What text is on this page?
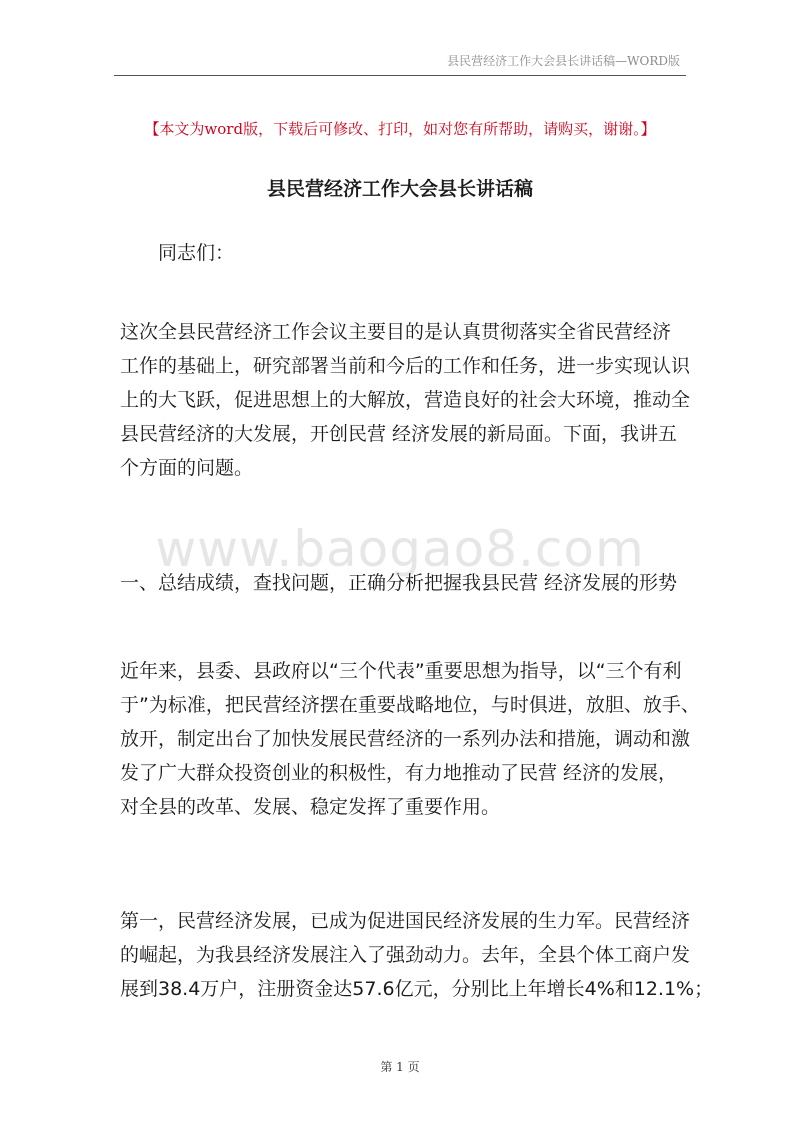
县民营经济工作大会县长讲话稿—WORD版
【本文为word版，下载后可修改、打印，如对您有所帮助，请购买，谢谢。】
县民营经济工作大会县长讲话稿

同志们：

这次全县民营经济工作会议主要目的是认真贯彻落实全省民营经济
工作的基础上，研究部署当前和今后的工作和任务，进一步实现认识
上的大飞跃，促进思想上的大解放，营造良好的社会大环境，推动全
县民营经济的大发展，开创民营 经济发展的新局面。下面，我讲五
个方面的问题。

www.baogao8.com

一、总结成绩，查找问题，正确分析把握我县民营 经济发展的形势

近年来，县委、县政府以“三个代表”重要思想为指导，以“三个有利
于”为标准，把民营经济摆在重要战略地位，与时俱进，放胆、放手、
放开，制定出台了加快发展民营经济的一系列办法和措施，调动和激
发了广大群众投资创业的积极性，有力地推动了民营 经济的发展，
对全县的改革、发展、稳定发挥了重要作用。

第一，民营经济发展，已成为促进国民经济发展的生力军。民营经济
的崛起，为我县经济发展注入了强劲动力。去年，全县个体工商户发
展到38.4万户，注册资金达57.6亿元，分别比上年增长4%和12.1%；

第 1 页
